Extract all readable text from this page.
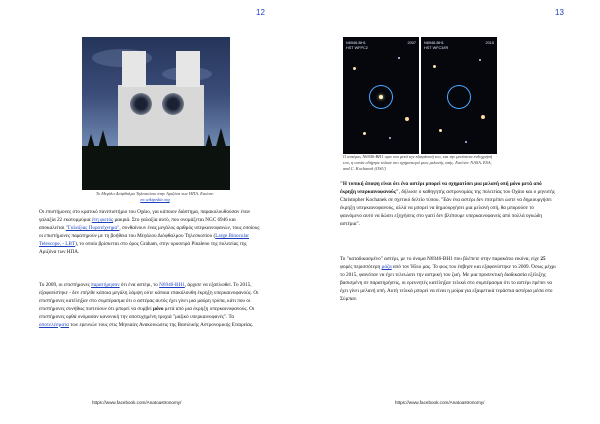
12
Το Μεγάλο Διόφθαλμο Τηλεσκόπιο στην Αριζόνα των ΗΠΑ. Εικόνα: en.wikipedia.org
Οι επιστήμονες στο κρατικό πανεπιστήμιο του Οχάιο, για κάποιον διάστημα, παρακολουθούσαν έναν γαλαξία 22 εκατομμύρια έτη φωτός μακριά. Στο γαλαξία αυτό, που ονομάζεται NGC 6946 και αποκαλείται "Γαλαξίας Πυροτέχνημα", συνθαίνουν ένας μεγάλος αριθμός υπερκαινοφανών, τους οποίους οι επιστήμονες παρατηρούν με τη βοήθεια του Μεγάλου Διόφθαλμου Τηλεσκοπίου (Large Binocular Telescope, - LBT), το οποίο βρίσκεται στο όρος Graham, στην οροσειρά Pinaleno της πολιτείας της Αριζόνα των ΗΠΑ.
Το 2009, οι επιστήμονες παρατήρησαν ότι ένα αστέρι, το N6946-BH1, άρχισε να εξαπλωθεί. Το 2015, εξαφανίστηκε - δεν επήλθε κάποια μεγάλη λάμψη ούτε κάποια επακόλουθη έκρηξη υπερκαινοφανούς. Οι επιστήμονες κατέληξαν στο συμπέρασμα ότι ο αστέρας αυτός έχει γίνει μια μαύρη τρύπα, κάτι που οι επιστήμονες συνήθως πιστεύουν ότι μπορεί να συμβεί μόνο μετά από μια έκρηξη υπερκαινοφανούς. Οι επιστήμονες ορθά ονόμασαν κανονική την αποτυχημένη τροχιά "μαζικό υπερκαινοφανές". Τα αποτελέσματα των ερευνών τους στις Μηνιαίες Ανακοινώσεις της Βασιλικής Αστρονομικής Εταιρείας.
https://www.facebook.com/Anatoastronomy/
13
N6946-BH1
HST WFPC2
2007 N6946-BH1
HST WFC3/IR
2015
Ο αστέρας N6946-BH1 πριν και μετά την εξαφάνισή του, και την μετέπειτα ενδοχρήσή του, η οποία οδήγησε τελικά στο σχηματισμό μιας μελανής οπής. Εικόνα: NASA, ESA, and C. Kochanek (OSU)
"Η τυπική άποψη είναι ότι ένα αστέρι μπορεί να σχηματίσει μια μελανή οπή μόνο μετά από έκρηξη υπερκαινοφανούς", δήλωσε ο καθηγητής αστρονομίας της πολιτείας του Οχάιο και ο μηνυτής Christopher Kochanek σε σχετικό δελτίο τύπου. "Εάν ένα αστέρι δεν επιτρέπει ώστε να δημιουργήσει έκρηξη υπερκαινοφανούς, αλλά να μπορεί να δημιουργήσει μια μελανή οπή, θα μπορούσε το φαινόμενο αυτό να δώσει εξηγήσεις στο γιατί δεν βλέπουμε υπερκαινοφανείς από πολλά ογκώδη αστέρια".
Το "καταδικασμένο" αστέρι, με το όνομα N6946-BH1 που βλέπετε στην παρακάτω εικόνα, είχε 25 φορές περισσότερη μάζα από τον Ήλιο μας. Το φως του έσβησε και εξαφανίστηκε το 2009. Όσως μέχρι το 2015, φαινόταν να έχει τελειώσει την αστρική του ζωή. Με μια προσεκτική διαδικασία εξέλιξης βασισμένη σε παρατηρήσεις, οι ερευνητές κατέληξαν τελικά στο συμπέρασμα ότι το αστέρι πρέπει να έχει γίνει μελανή οπή. Αυτή τελικά μπορεί να είναι η μοίρα για εξαιρετικά τεράστια αστέρια μέσα στο Σύμπαν.
https://www.facebook.com/Anatoastronomy/
